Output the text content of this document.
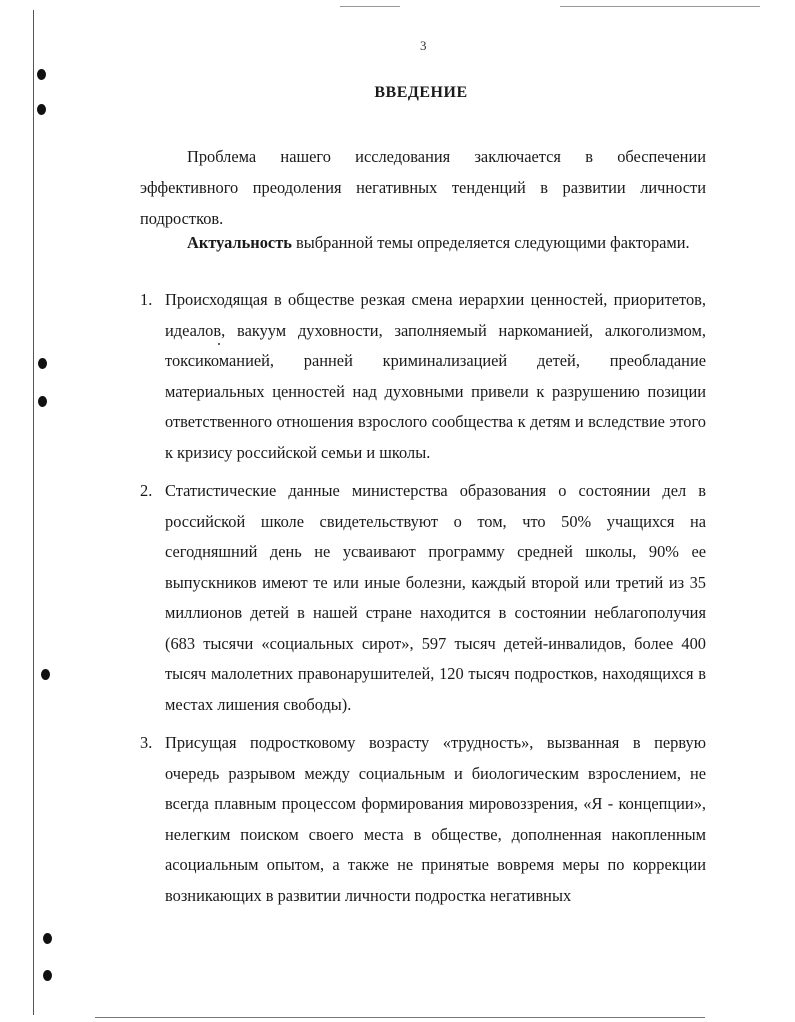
3
ВВЕДЕНИЕ

Проблема нашего исследования заключается в обеспечении эффективного преодоления негативных тенденций в развитии личности подростков.

Актуальность выбранной темы определяется следующими факторами.

1. Происходящая в обществе резкая смена иерархии ценностей, приоритетов, идеалов, вакуум духовности, заполняемый наркоманией, алкоголизмом, токсикоманией, ранней криминализацией детей, преобладание материальных ценностей над духовными привели к разрушению позиции ответственного отношения взрослого сообщества к детям и вследствие этого к кризису российской семьи и школы.
2. Статистические данные министерства образования о состоянии дел в российской школе свидетельствуют о том, что 50% учащихся на сегодняшний день не усваивают программу средней школы, 90% ее выпускников имеют те или иные болезни, каждый второй или третий из 35 миллионов детей в нашей стране находится в состоянии неблагополучия (683 тысячи «социальных сирот», 597 тысяч детей-инвалидов, более 400 тысяч малолетних правонарушителей, 120 тысяч подростков, находящихся в местах лишения свободы).
3. Присущая подростковому возрасту «трудность», вызванная в первую очередь разрывом между социальным и биологическим взрослением, не всегда плавным процессом формирования мировоззрения, «Я - концепции», нелегким поиском своего места в обществе, дополненная накопленным асоциальным опытом, а также не принятые вовремя меры по коррекции возникающих в развитии личности подростка негативных
